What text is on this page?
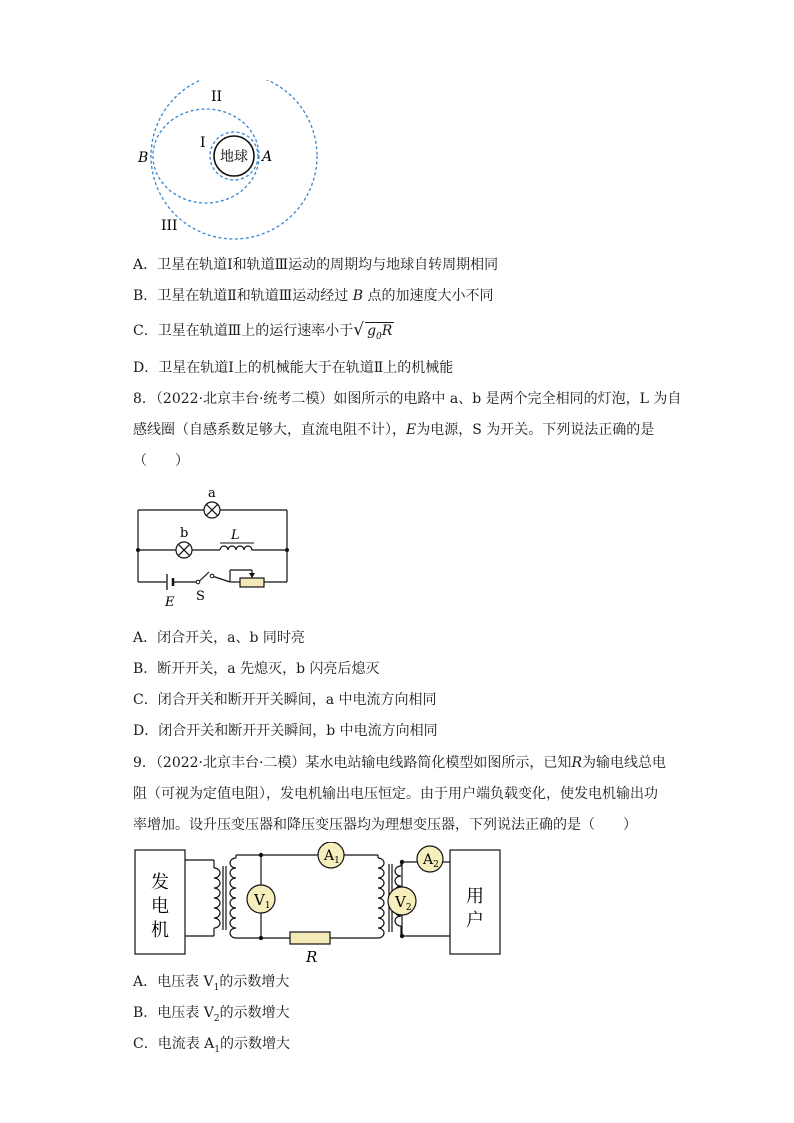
II
I
B	地球 A
III
A．卫星在轨道Ⅰ和轨道Ⅲ运动的周期均与地球自转周期相同
B．卫星在轨道Ⅱ和轨道Ⅲ运动经过 B 点的加速度大小不同
C．卫星在轨道Ⅲ上的运行速率小于√ $g_0R$
D．卫星在轨道Ⅰ上的机械能大于在轨道Ⅱ上的机械能
8．（2022·北京丰台·统考二模）如图所示的电路中 a、b 是两个完全相同的灯泡，L 为自
感线圈（自感系数足够大，直流电阻不计），E为电源，S 为开关。下列说法正确的是
（　　）
a
b	L
E S
A．闭合开关，a、b 同时亮
B．断开开关，a 先熄灭，b 闪亮后熄灭
C．闭合开关和断开开关瞬间，a 中电流方向相同
D．闭合开关和断开开关瞬间，b 中电流方向相同
9．（2022·北京丰台·二模）某水电站输电线路简化模型如图所示，已知R为输电线总电
阻（可视为定值电阻），发电机输出电压恒定。由于用户端负载变化，使发电机输出功
率增加。设升压变压器和降压变压器均为理想变压器，下列说法正确的是（　　）
发
电
机
$V_1$
$A_1$	$A_2$
$V_2$
用
户
R
A．电压表 $V_1$的示数增大
B．电压表 $V_2$的示数增大
C．电流表 $A_1$的示数增大
